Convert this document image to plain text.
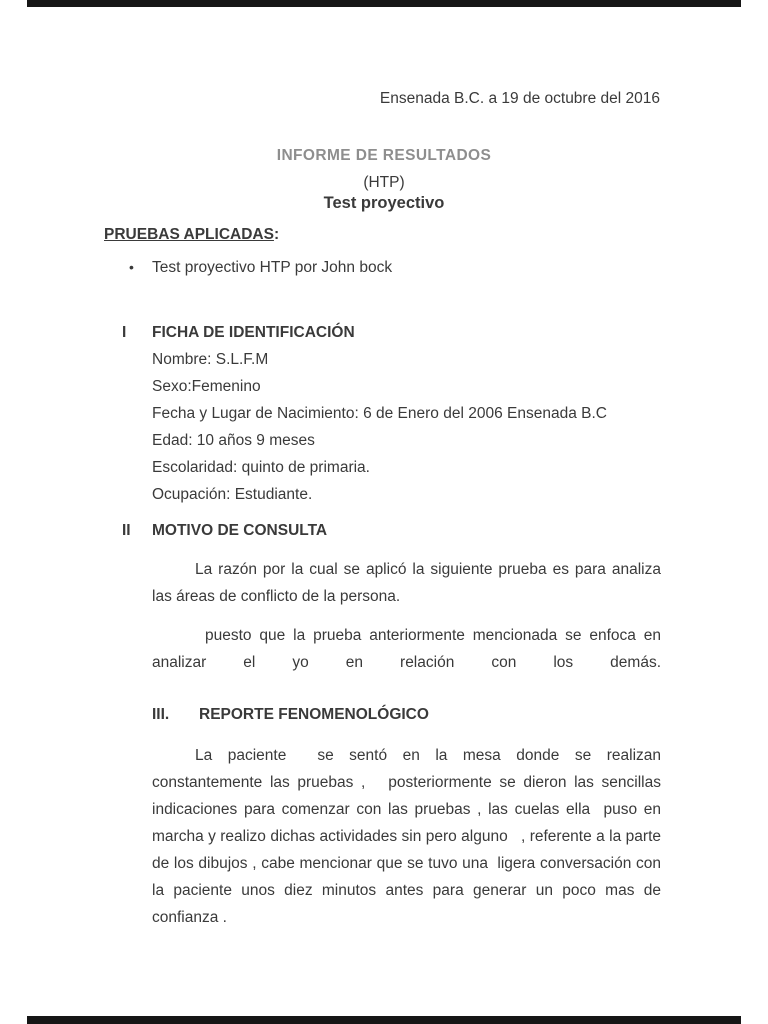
Ensenada B.C. a 19 de octubre del 2016
INFORME DE RESULTADOS
(HTP)
Test proyectivo
PRUEBAS APLICADAS:
• Test proyectivo HTP por John bock
I FICHA DE IDENTIFICACIÓN
Nombre: S.L.F.M
Sexo:Femenino
Fecha y Lugar de Nacimiento: 6 de Enero del 2006 Ensenada B.C
Edad: 10 años 9 meses
Escolaridad: quinto de primaria.
Ocupación: Estudiante.
II MOTIVO DE CONSULTA
La razón por la cual se aplicó la siguiente prueba es para analiza las áreas de conflicto de la persona.
puesto que la prueba anteriormente mencionada se enfoca en analizar el yo en relación con los demás.
III. REPORTE FENOMENOLÓGICO
La paciente  se sentó en la mesa donde se realizan  constantemente las pruebas ,   posteriormente se dieron las sencillas indicaciones para comenzar con las pruebas , las cuelas ella  puso en marcha y realizo dichas actividades sin pero alguno   , referente a la parte de los dibujos , cabe mencionar que se tuvo una  ligera conversación con la paciente unos diez minutos antes para generar un poco mas de confianza .
